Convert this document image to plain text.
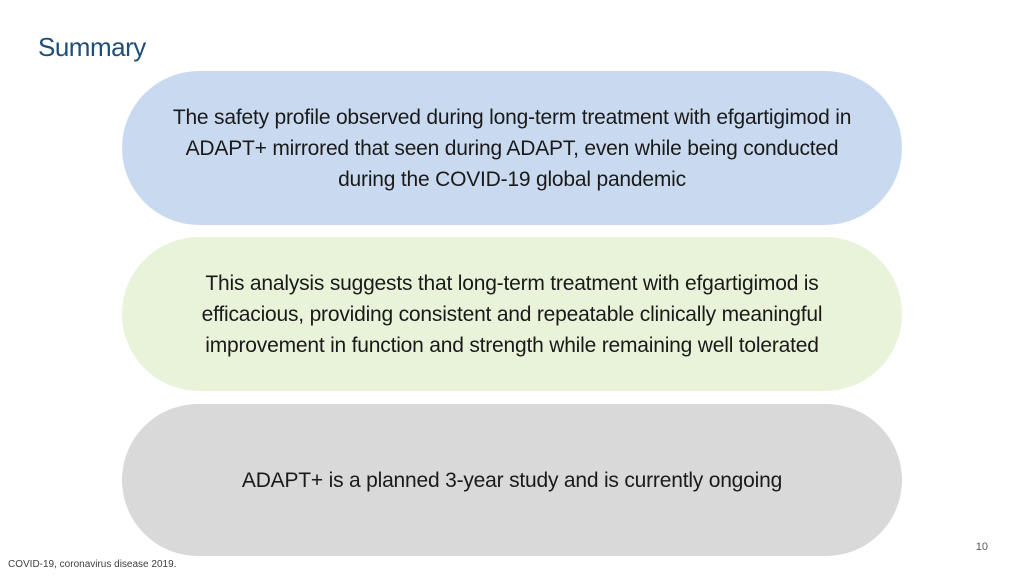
Summary
The safety profile observed during long-term treatment with efgartigimod in ADAPT+ mirrored that seen during ADAPT, even while being conducted during the COVID-19 global pandemic
This analysis suggests that long-term treatment with efgartigimod is efficacious, providing consistent and repeatable clinically meaningful improvement in function and strength while remaining well tolerated
ADAPT+ is a planned 3-year study and is currently ongoing
10
COVID-19, coronavirus disease 2019.
